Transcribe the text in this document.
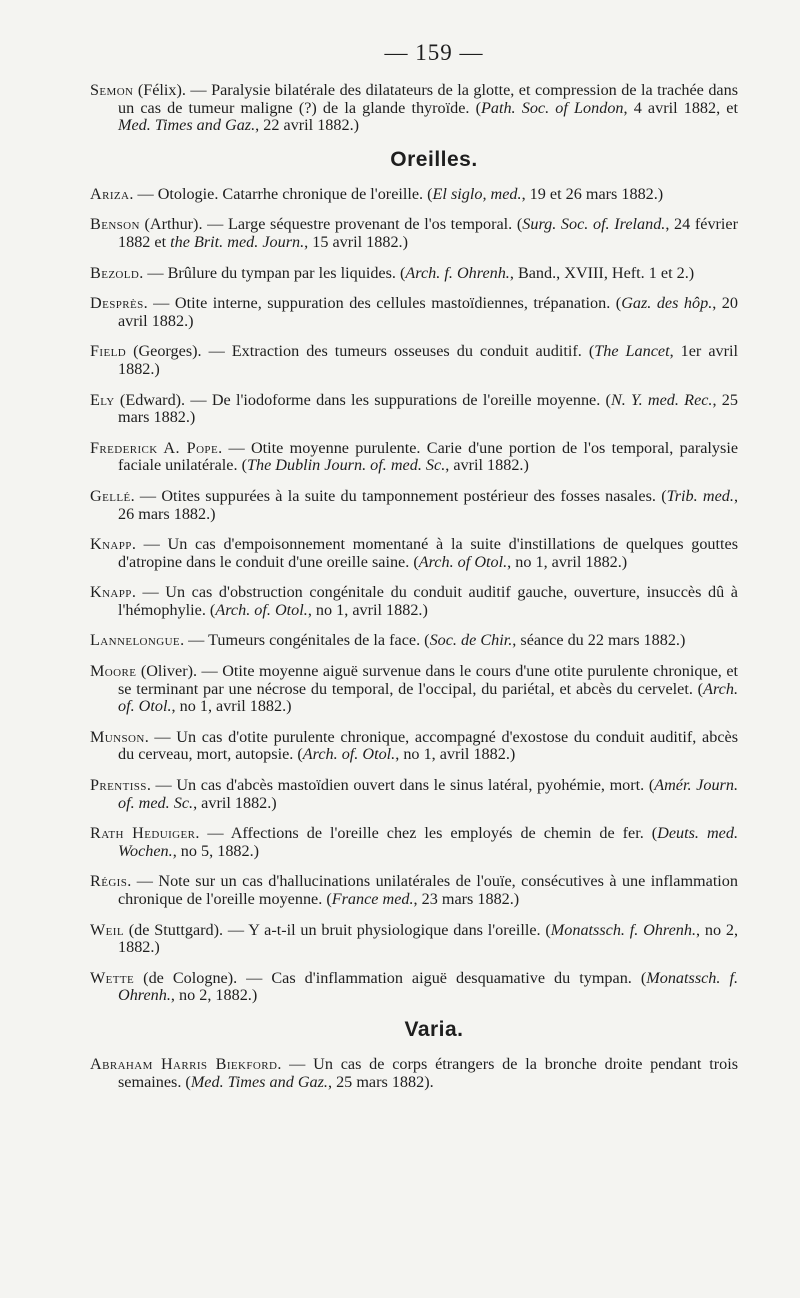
— 159 —
Semon (Félix). — Paralysie bilatérale des dilatateurs de la glotte, et compression de la trachée dans un cas de tumeur maligne (?) de la glande thyroïde. (Path. Soc. of London, 4 avril 1882, et Med. Times and Gaz., 22 avril 1882.)
Oreilles.
Ariza. — Otologie. Catarrhe chronique de l'oreille. (El siglo, med., 19 et 26 mars 1882.)
Benson (Arthur). — Large séquestre provenant de l'os temporal. (Surg. Soc. of. Ireland., 24 février 1882 et the Brit. med. Journ., 15 avril 1882.)
Bezold. — Brûlure du tympan par les liquides. (Arch. f. Ohrenh., Band., XVIII, Heft. 1 et 2.)
Desprès. — Otite interne, suppuration des cellules mastoïdiennes, trépanation. (Gaz. des hôp., 20 avril 1882.)
Field (Georges). — Extraction des tumeurs osseuses du conduit auditif. (The Lancet, 1er avril 1882.)
Ely (Edward). — De l'iodoforme dans les suppurations de l'oreille moyenne. (N. Y. med. Rec., 25 mars 1882.)
Frederick A. Pope. — Otite moyenne purulente. Carie d'une portion de l'os temporal, paralysie faciale unilatérale. (The Dublin Journ. of. med. Sc., avril 1882.)
Gellé. — Otites suppurées à la suite du tamponnement postérieur des fosses nasales. (Trib. med., 26 mars 1882.)
Knapp. — Un cas d'empoisonnement momentané à la suite d'instillations de quelques gouttes d'atropine dans le conduit d'une oreille saine. (Arch. of Otol., no 1, avril 1882.)
Knapp. — Un cas d'obstruction congénitale du conduit auditif gauche, ouverture, insuccès dû à l'hémophylie. (Arch. of. Otol., no 1, avril 1882.)
Lannelongue. — Tumeurs congénitales de la face. (Soc. de Chir., séance du 22 mars 1882.)
Moore (Oliver). — Otite moyenne aiguë survenue dans le cours d'une otite purulente chronique, et se terminant par une nécrose du temporal, de l'occipal, du pariétal, et abcès du cervelet. (Arch. of. Otol., no 1, avril 1882.)
Munson. — Un cas d'otite purulente chronique, accompagné d'exostose du conduit auditif, abcès du cerveau, mort, autopsie. (Arch. of. Otol., no 1, avril 1882.)
Prentiss. — Un cas d'abcès mastoïdien ouvert dans le sinus latéral, pyohémie, mort. (Amér. Journ. of. med. Sc., avril 1882.)
Rath Heduiger. — Affections de l'oreille chez les employés de chemin de fer. (Deuts. med. Wochen., no 5, 1882.)
Régis. — Note sur un cas d'hallucinations unilatérales de l'ouïe, consécutives à une inflammation chronique de l'oreille moyenne. (France med., 23 mars 1882.)
Weil (de Stuttgard). — Y a-t-il un bruit physiologique dans l'oreille. (Monatssch. f. Ohrenh., no 2, 1882.)
Wette (de Cologne). — Cas d'inflammation aiguë desquamative du tympan. (Monatssch. f. Ohrenh., no 2, 1882.)
Varia.
Abraham Harris Biekford. — Un cas de corps étrangers de la bronche droite pendant trois semaines. (Med. Times and Gaz., 25 mars 1882).
